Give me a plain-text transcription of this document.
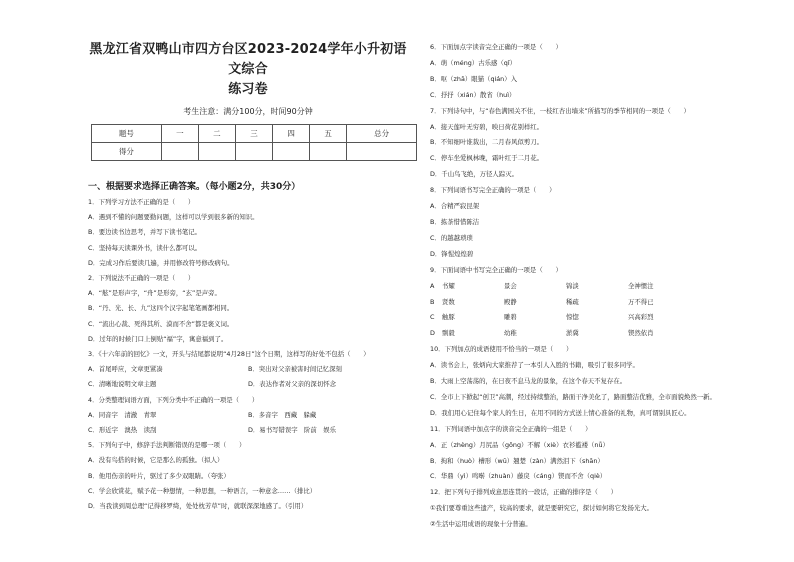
黑龙江省双鸭山市四方台区2023-2024学年小升初语文综合
练习卷
考生注意：满分100分，时间90分钟
题号	一	二	三	四	五	总分
得分						
一、根据要求选择正确答案。（每小题2分，共30分）
1．下列学习方法不正确的是（　　）
A．遇到不懂的问题要勤问题，这样可以学到很多新的知识。
B．要边读书边思考，并写下读书笔记。
C．坚持每天读课外书，读什么都可以。
D．完成习作后要读几遍，并用修改符号修改病句。
2．下列说法不正确的一项是（　　）
A．“舷”是形声字，“舟”是形旁，“玄”是声旁。
B．“丹、光、长、九”这四个汉字起笔笔画都相同。
C．“流出心裁、死得其所、漠而不舍”都是褒义词。
D．过年的时候门口上倒贴“福”字，寓意福到了。
3．《十六年前的回忆》一文，开头与结尾都说明“4月28日”这个日期，这样写的好处不包括（　　）
A．首尾呼应，文章更紧凑	B．突出对父亲被害时间记忆深刻
C．清晰地说明文章主题	D．表达作者对父亲的深切怀念
4．分类整理词语方面，下列分类中不正确的一项是（　　）
A．同音字　清澈　青翠	B．多音字　西藏　躲藏
C．形近字　澳热　读刮	D．易书写错误字　阶前　娱乐
5．下列句子中，修辞手法判断错误的是哪一项（　　）
A．没有鸟搭的时候，它是那么的孤独。（拟人）
B．他用伤亲的叶片，驱过了多少双眼睛。（夸张）
C．学会欣赏花，赋予花一种想情，一种思想，一种语言，一种意念……（排比）
D．当我读到周总理“记得移罗绮，处处枕芳草”时，就联深深地感了。（引用）
6．下面加点字读音完全正确的一项是（　　）
A．萌（méng）古乐感（qǐ）
B．呕（zhā）眼猫（qián）入
C．抒抒（xián）散省（huì）
7．下列诗句中，与“春色满园关不住，一枝红杏出墙来”所描写的季节相同的一项是（　　）
A．接天莲叶无穷碧，映日荷花别样红。
B．不知细叶谁裁出，二月春风似剪刀。
C．停车坐爱枫林晚，霜叶红于二月花。
D．千山鸟飞绝，万径人踪灭。
8．下列词语书写完全正确的一项是（　　）
A．合精严寂昆架
B．拣茶惜惜陈洁
C．的越越琐琐
D．锋惺煌煌碧
9．下面词语中书写完全正确的一项是（　　）
A	书耀	景会	锦淡	全神惯注
B	贤数	殿静	稀疏	万不得已
C	触豚	雕碧	惊惚	兴高彩烈
D	剽毅	幼稚	淤冀	锲然依肖
10．下列加点的成语使用不恰当的一项是（　　）
A．读书会上，张炳向大家推荐了一本引人入胜的书籍，吸引了很多同学。
B．大雨上空荡荡的，在日夜不息马龙的景象，在这个春天不复存在。
C．全市上下掀起“创卫”高潮，经过持续整治，路面干净美化了，路面整洁优雅，全市面貌焕然一新。
D．我们用心记住每个家人的生日，在用不同的方式送上情心准备的礼物，真可谓别具匠心。
11．下列词语中加点字的读音完全正确的一组是（　　）
A．正（zhèng）月尻品（gōng）不解（xiè）衣衫褴褛（nǚ）
B．拘和（huò）槽形（wū）翘楚（zàn）满然泪下（shān）
C．华鼎（yì）鸣啭（zhuàn）藤戾（cáng）锲而不舍（qiè）
12．把下列句子排列成意思连贯的一段话，正确的排序是（　　）
①我们要尊重这些遗产，较高的要求，就是要研究它，探讨如何将它发扬光大。
②生活中运用成语的现象十分普遍。
